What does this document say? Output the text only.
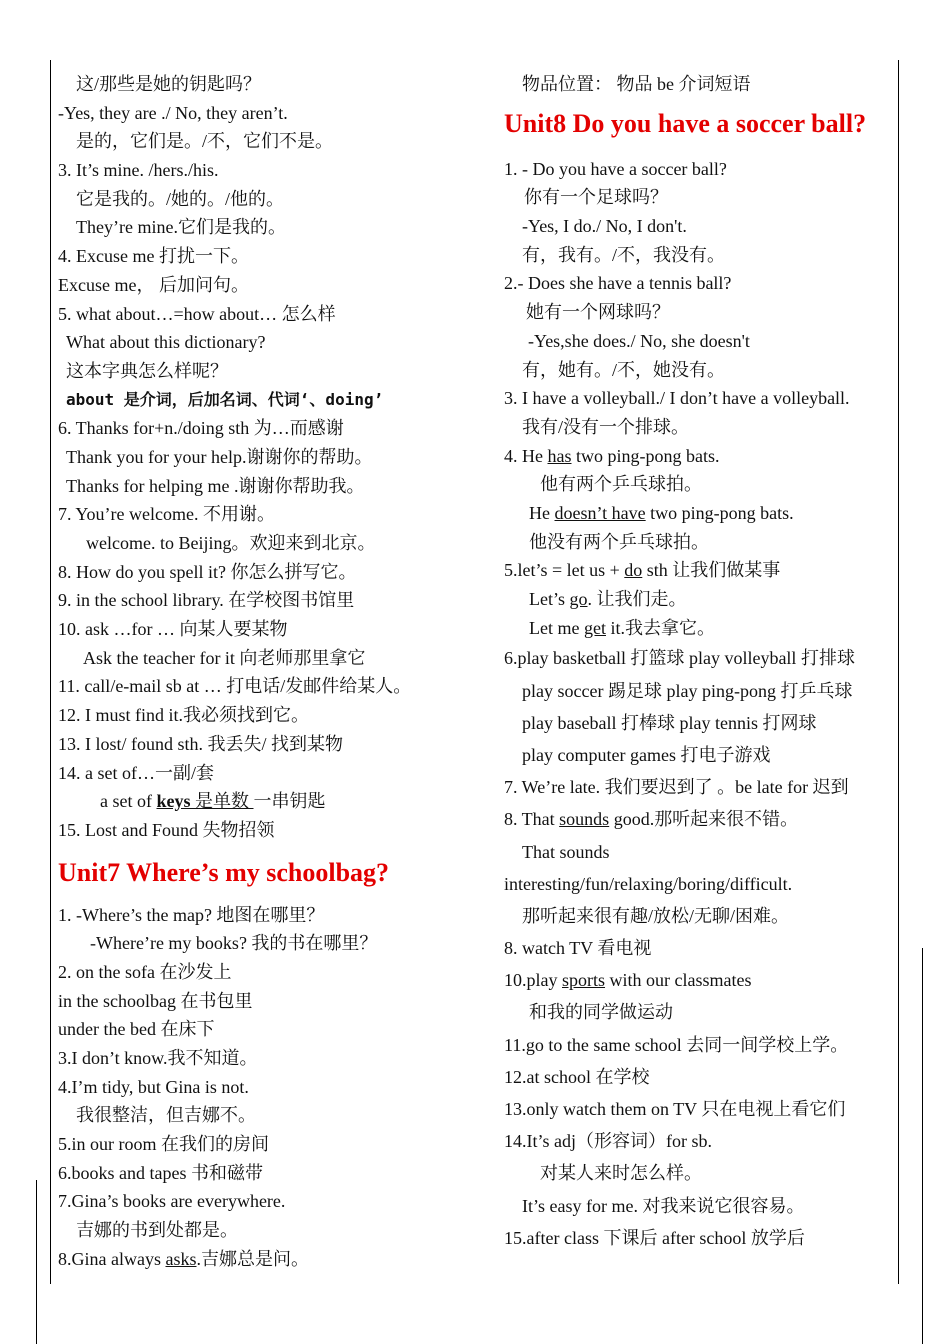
这/那些是她的钥匙吗？
-Yes, they are ./ No, they aren’t.
是的，它们是。/不，它们不是。
3. It’s mine. /hers./his.
它是我的。/她的。/他的。
They’re mine.它们是我的。
4. Excuse me 打扰一下。
Excuse me， 后加问句。
5. what about…=how about… 怎么样
What about this dictionary?
这本字典怎么样呢？
about 是介词，后加名词、代词‘、doing’
6. Thanks for+n./doing sth 为…而感谢
Thank you for your help.谢谢你的帮助。
Thanks for helping me .谢谢你帮助我。
7. You’re welcome. 不用谢。
welcome. to Beijing。欢迎来到北京。
8. How do you spell it? 你怎么拼写它。
9. in the school library. 在学校图书馆里
10. ask …for … 向某人要某物
Ask the teacher for it 向老师那里拿它
11. call/e-mail sb at … 打电话/发邮件给某人。
12. I must find it.我必须找到它。
13. I lost/ found sth. 我丢失/ 找到某物
14. a set of…一副/套
a set of keys 是单数 一串钥匙
15. Lost and Found 失物招领
Unit7 Where’s my schoolbag?
1. -Where’s the map? 地图在哪里？
-Where’re my books? 我的书在哪里？
2. on the sofa 在沙发上
in the schoolbag 在书包里
under the bed 在床下
3.I don’t know.我不知道。
4.I’m tidy, but Gina is not.
我很整洁，但吉娜不。
5.in our room 在我们的房间
6.books and tapes 书和磁带
7.Gina’s books are everywhere.
吉娜的书到处都是。
8.Gina always asks.吉娜总是问。
物品位置： 物品 be 介词短语
Unit8 Do you have a soccer ball?
1. - Do you have a soccer ball?
你有一个足球吗？
-Yes, I do./ No, I don't.
有，我有。/不，我没有。
2.- Does she have a tennis ball?
她有一个网球吗？
-Yes,she does./ No, she doesn't
有，她有。/不，她没有。
3. I have a volleyball./ I don’t have a volleyball.
我有/没有一个排球。
4. He has two ping-pong bats.
他有两个乒乓球拍。
He doesn’t have two ping-pong bats.
他没有两个乒乓球拍。
5.let’s = let us + do sth 让我们做某事
Let’s go. 让我们走。
Let me get it.我去拿它。
6.play basketball 打篮球 play volleyball 打排球
play soccer 踢足球 play ping-pong 打乒乓球
play baseball 打棒球 play tennis 打网球
play computer games 打电子游戏
7. We’re late. 我们要迟到了 。be late for 迟到
8. That sounds good.那听起来很不错。
That sounds
interesting/fun/relaxing/boring/difficult.
那听起来很有趣/放松/无聊/困难。
8. watch TV 看电视
10.play sports with our classmates
和我的同学做运动
11.go to the same school 去同一间学校上学。
12.at school 在学校
13.only watch them on TV 只在电视上看它们
14.It’s adj（形容词）for sb.
对某人来时怎么样。
It’s easy for me. 对我来说它很容易。
15.after class 下课后 after school 放学后
